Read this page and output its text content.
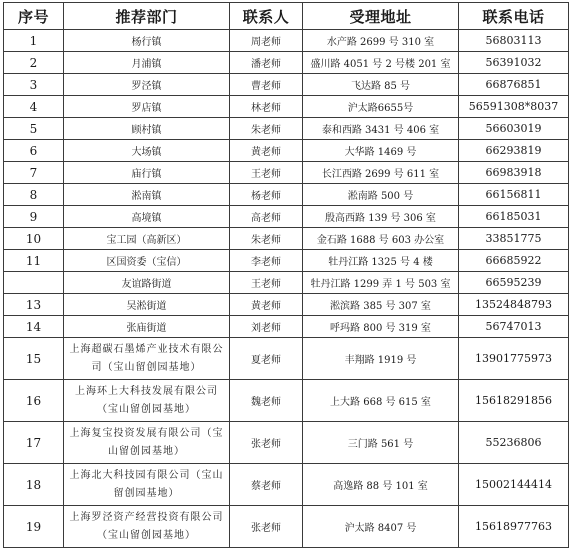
序号	推荐部门	联系人	受理地址	联系电话
1	杨行镇	周老师	水产路 2699 号 310 室	56803113
2	月浦镇	潘老师	盛川路 4051 号 2 号楼 201 室	56391032
3	罗泾镇	曹老师	飞达路 85 号	66876851
4	罗店镇	林老师	沪太路6655号	56591308*8037
5	顾村镇	朱老师	泰和西路 3431 号 406 室	56603019
6	大场镇	黄老师	大华路 1469 号	66293819
7	庙行镇	王老师	长江西路 2699 号 611 室	66983918
8	淞南镇	杨老师	淞南路 500 号	66156811
9	高境镇	高老师	殷高西路 139 号 306 室	66185031
10	宝工园（高新区）	朱老师	金石路 1688 号 603 办公室	33851775
11	区国资委（宝信）	李老师	牡丹江路 1325 号 4 楼	66685922
	友谊路街道	王老师	牡丹江路 1299 弄 1 号 503 室	66595239
13	吴淞街道	黄老师	淞滨路 385 号 307 室	13524848793
14	张庙街道	刘老师	呼玛路 800 号 319 室	56747013
15	上海超碳石墨烯产业技术有限公司（宝山留创园基地）	夏老师	丰翔路 1919 号	13901775973
16	上海环上大科技发展有限公司（宝山留创园基地）	魏老师	上大路 668 号 615 室	15618291856
17	上海复宝投资发展有限公司（宝山留创园基地）	张老师	三门路 561 号	55236806
18	上海北大科技园有限公司（宝山留创园基地）	蔡老师	高逸路 88 号 101 室	15002144414
19	上海罗泾资产经营投资有限公司（宝山留创园基地）	张老师	沪太路 8407 号	15618977763
